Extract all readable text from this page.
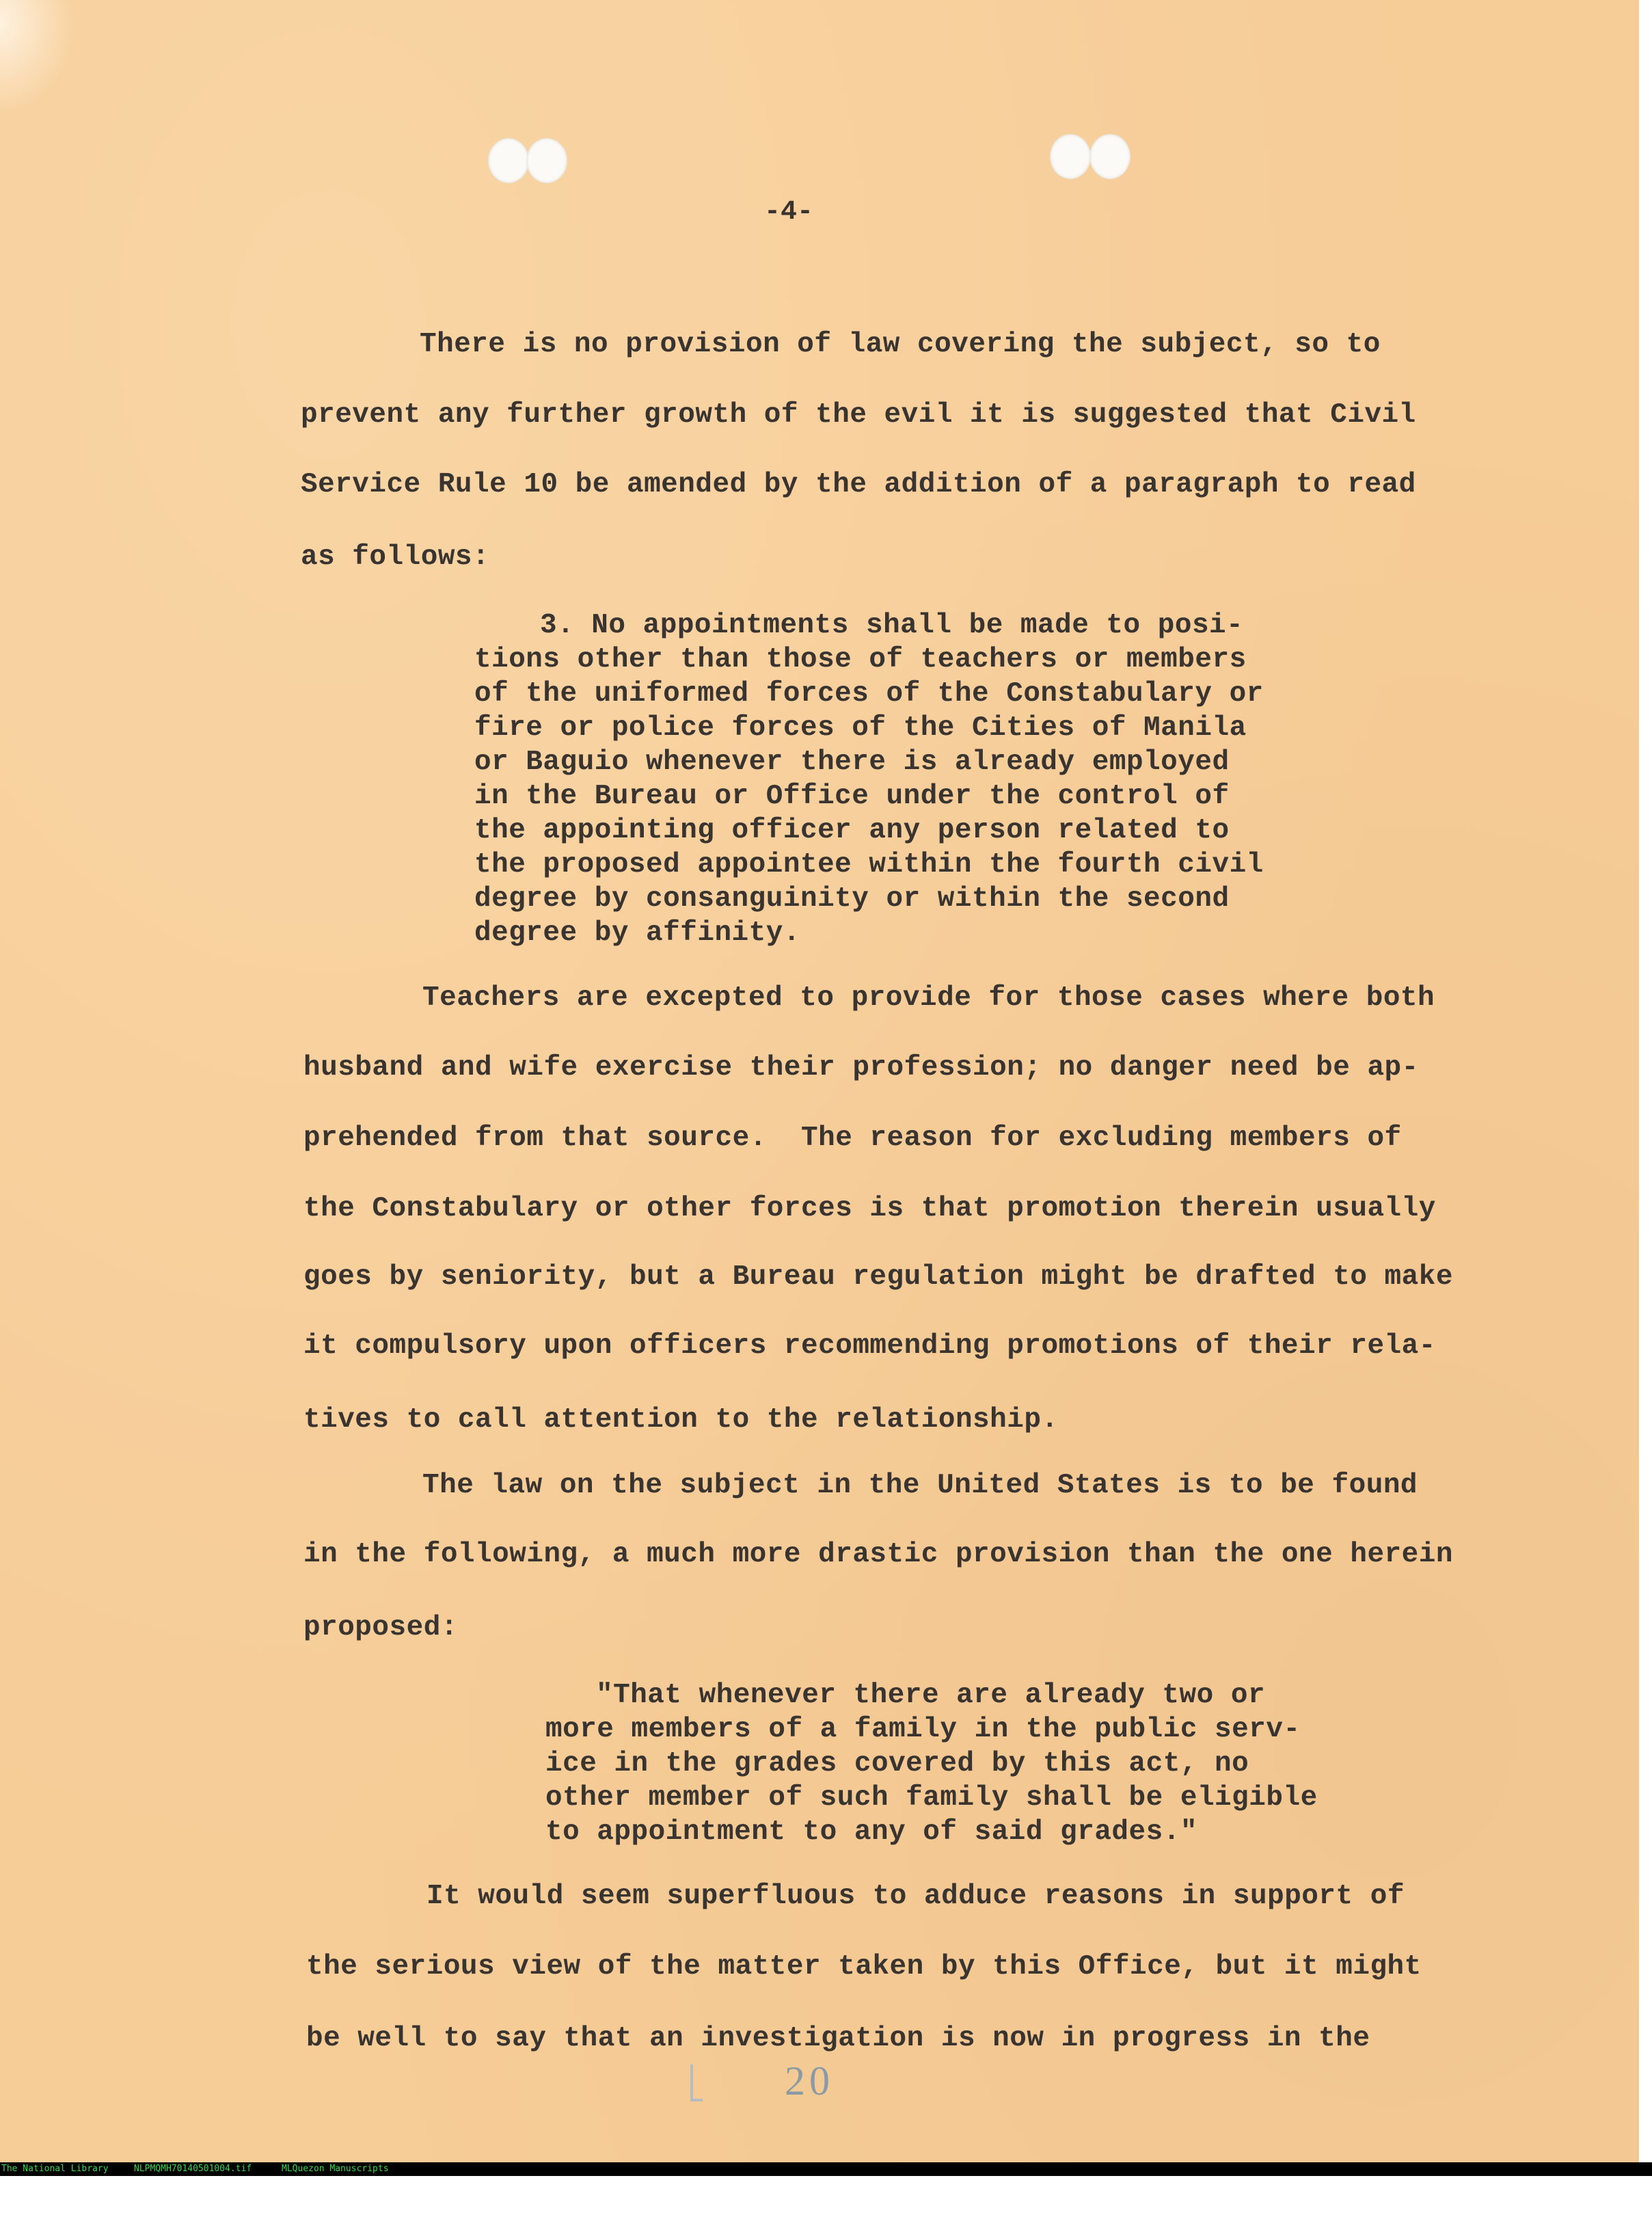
-4-
There is no provision of law covering the subject, so to
prevent any further growth of the evil it is suggested that Civil
Service Rule 10 be amended by the addition of a paragraph to read
as follows:
3. No appointments shall be made to posi-
tions other than those of teachers or members
of the uniformed forces of the Constabulary or
fire or police forces of the Cities of Manila
or Baguio whenever there is already employed
in the Bureau or Office under the control of
the appointing officer any person related to
the proposed appointee within the fourth civil
degree by consanguinity or within the second
degree by affinity.
Teachers are excepted to provide for those cases where both
husband and wife exercise their profession; no danger need be ap-
prehended from that source.  The reason for excluding members of
the Constabulary or other forces is that promotion therein usually
goes by seniority, but a Bureau regulation might be drafted to make
it compulsory upon officers recommending promotions of their rela-
tives to call attention to the relationship.
The law on the subject in the United States is to be found
in the following, a much more drastic provision than the one herein
proposed:
"That whenever there are already two or
more members of a family in the public serv-
ice in the grades covered by this act, no
other member of such family shall be eligible
to appointment to any of said grades."
It would seem superfluous to adduce reasons in support of
the serious view of the matter taken by this Office, but it might
be well to say that an investigation is now in progress in the
20

The National Library

	NLPMQMH70140501004.tif

	MLQuezon Manuscripts
